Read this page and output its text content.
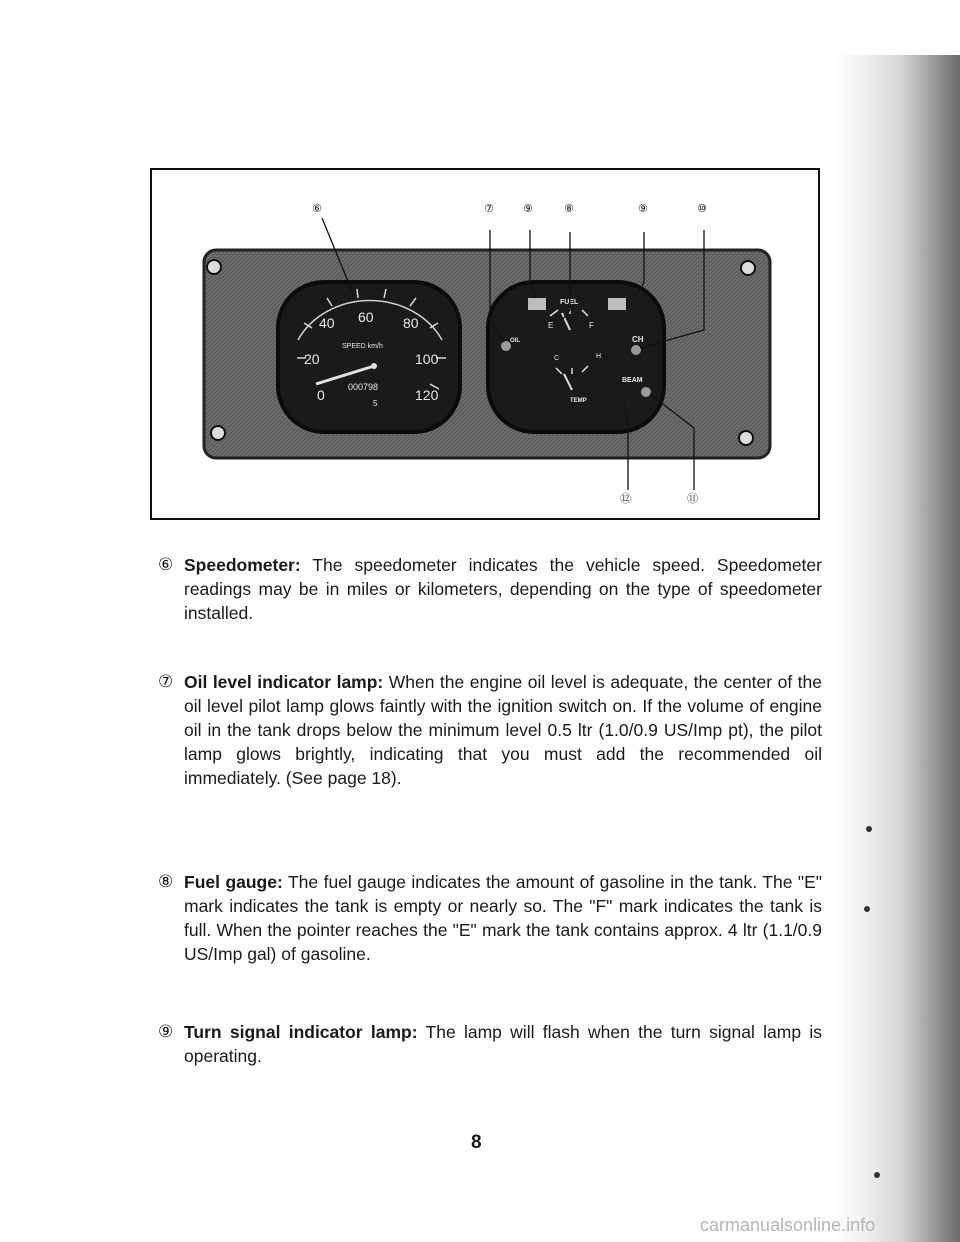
0
20
40 60 80
100
120
SPEED km/h
000798
5
FUEL
E	F
OIL	CH
C	H
TEMP
BEAM
⑥	⑦	⑨	⑧	⑨	⑩
⑫	⑪
⑥ Speedometer: The speedometer indicates the vehicle speed. Speedometer readings may be in miles or kilometers, depending on the type of speedometer installed.
⑦ Oil level indicator lamp: When the engine oil level is adequate, the center of the oil level pilot lamp glows faintly with the ignition switch on. If the volume of engine oil in the tank drops below the minimum level 0.5 ltr (1.0/0.9 US/Imp pt), the pilot lamp glows brightly, indicating that you must add the recommended oil immediately. (See page 18).
⑧ Fuel gauge: The fuel gauge indicates the amount of gasoline in the tank. The "E" mark indicates the tank is empty or nearly so. The "F" mark indicates the tank is full. When the pointer reaches the "E" mark the tank contains approx. 4 ltr (1.1/0.9 US/Imp gal) of gasoline.
⑨ Turn signal indicator lamp: The lamp will flash when the turn signal lamp is operating.
8
carmanualsonline.info
